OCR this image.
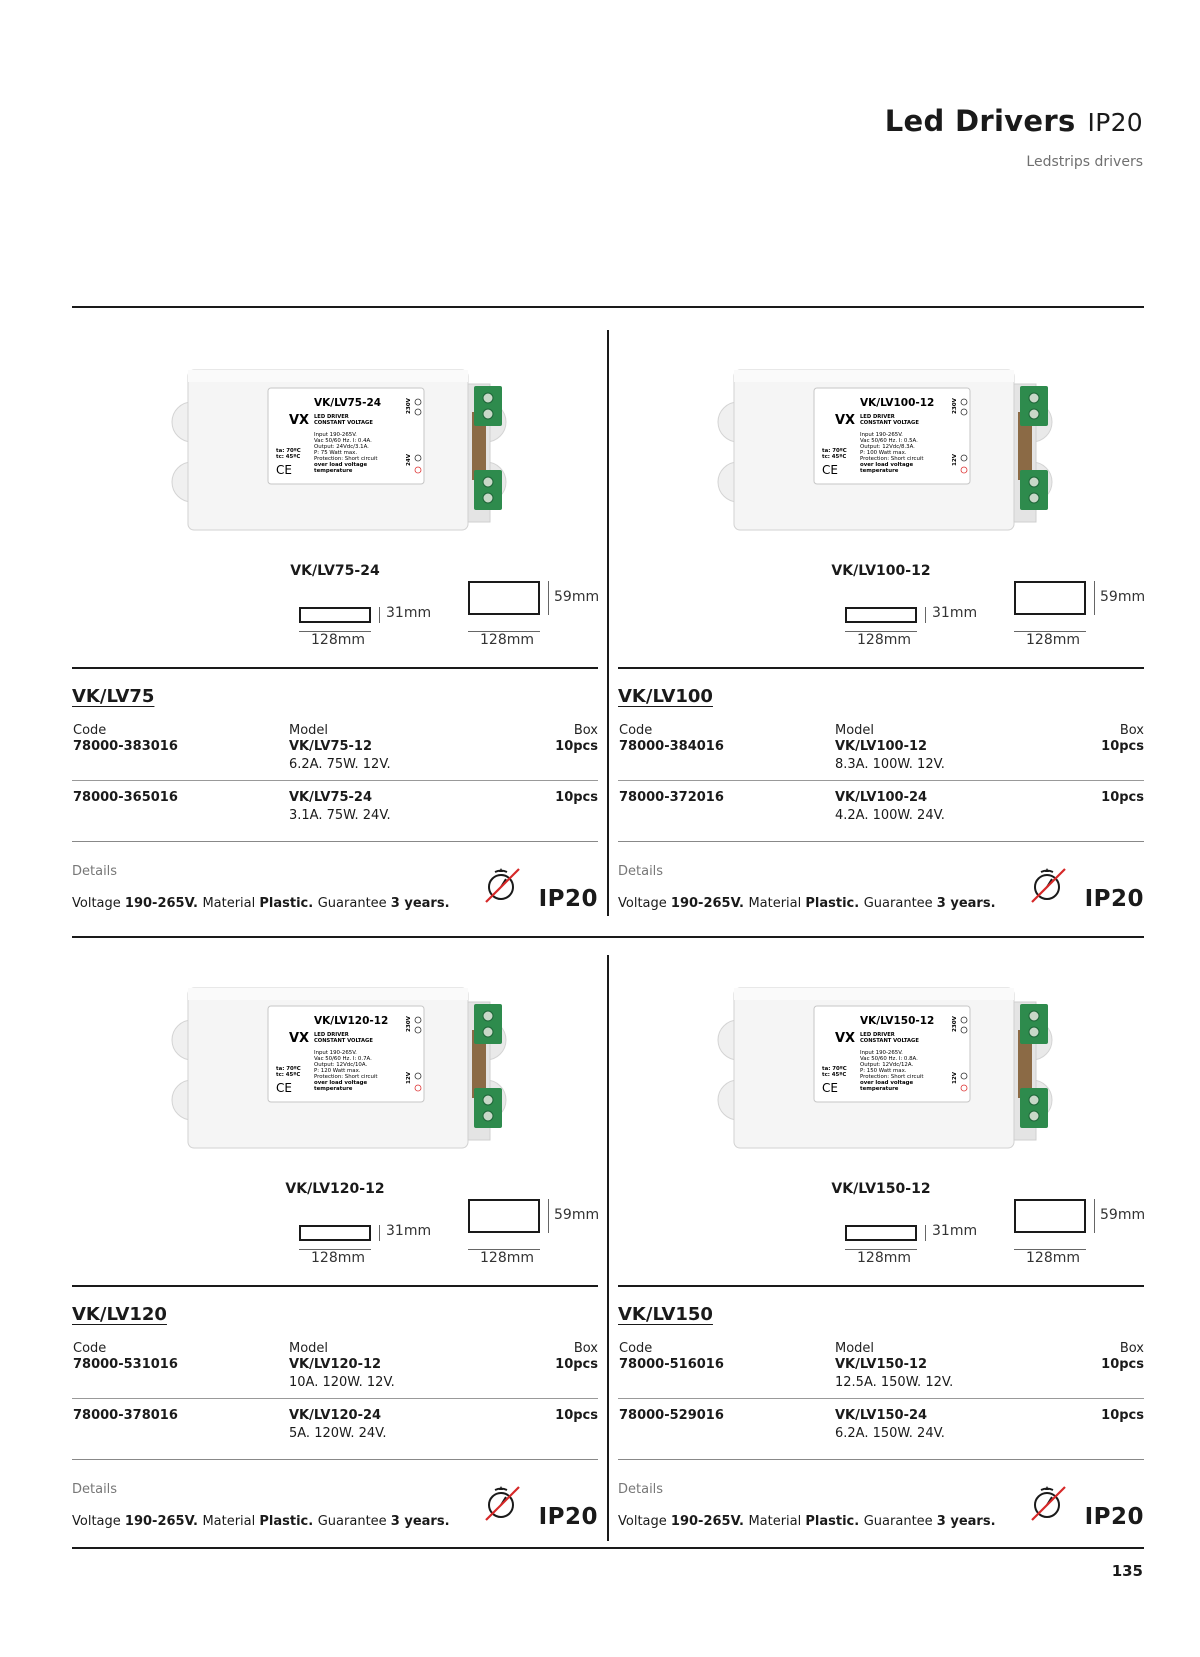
Led Drivers IP20
Ledstrips drivers
VX
VK/LV75-24
LED DRIVER
CONSTANT VOLTAGE
Input 190-265V.
Vac 50/60 Hz. I: 0.4A.
Output: 24Vdc/3.1A.
P: 75 Watt max.
Protection: Short circuit
over load voltage
temperature
ta: 70ºC
tc: 45ºC
CE
230V
24V
VK/LV75-24
31mm
128mm
59mm
128mm
VK/LV75
Code	Model	Box
78000-383016	VK/LV75-12
6.2A. 75W. 12V.
10pcs
78000-365016	VK/LV75-24
3.1A. 75W. 24V.
10pcs
Details
Voltage 190-265V. Material Plastic. Guarantee 3 years.	IP20
VX
VK/LV100-12
LED DRIVER
CONSTANT VOLTAGE
Input 190-265V.
Vac 50/60 Hz. I: 0.5A.
Output: 12Vdc/8.3A.
P: 100 Watt max.
Protection: Short circuit
over load voltage
temperature
ta: 70ºC
tc: 45ºC
CE
230V
12V
VK/LV100-12
31mm
128mm
59mm
128mm
VK/LV100
Code	Model	Box
78000-384016	VK/LV100-12
8.3A. 100W. 12V.
10pcs
78000-372016	VK/LV100-24
4.2A. 100W. 24V.
10pcs
Details
Voltage 190-265V. Material Plastic. Guarantee 3 years.	IP20
VX
VK/LV120-12
LED DRIVER
CONSTANT VOLTAGE
Input 190-265V.
Vac 50/60 Hz. I: 0.7A.
Output: 12Vdc/10A.
P: 120 Watt max.
Protection: Short circuit
over load voltage
temperature
ta: 70ºC
tc: 45ºC
CE
230V
12V
VK/LV120-12
31mm
128mm
59mm
128mm
VK/LV120
Code	Model	Box
78000-531016	VK/LV120-12
10A. 120W. 12V.
10pcs
78000-378016	VK/LV120-24
5A. 120W. 24V.
10pcs
Details
Voltage 190-265V. Material Plastic. Guarantee 3 years.	IP20
VX
VK/LV150-12
LED DRIVER
CONSTANT VOLTAGE
Input 190-265V.
Vac 50/60 Hz. I: 0.8A.
Output: 12Vdc/12A.
P: 150 Watt max.
Protection: Short circuit
over load voltage
temperature
ta: 70ºC
tc: 45ºC
CE
230V
12V
VK/LV150-12
31mm
128mm
59mm
128mm
VK/LV150
Code	Model	Box
78000-516016	VK/LV150-12
12.5A. 150W. 12V.
10pcs
78000-529016	VK/LV150-24
6.2A. 150W. 24V.
10pcs
Details
Voltage 190-265V. Material Plastic. Guarantee 3 years.	IP20
135
